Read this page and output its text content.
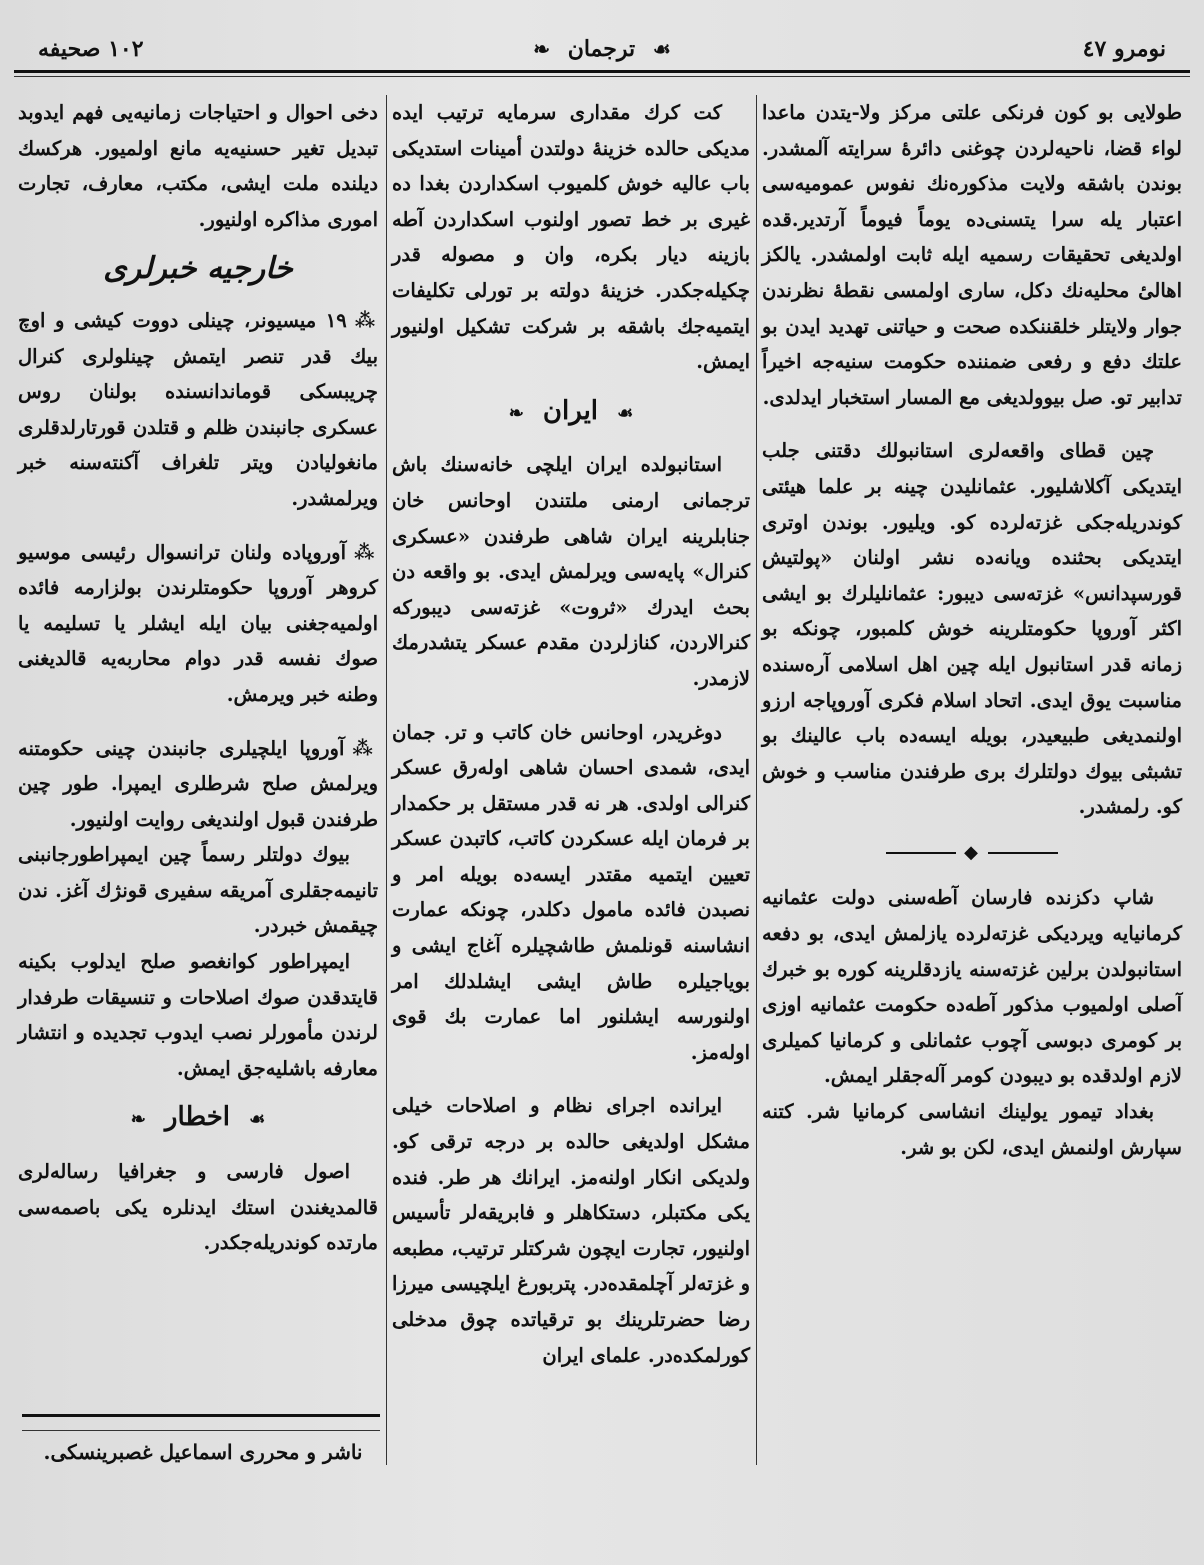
۱۰۲ صحیفه	☙ ترجمان ❧	نومرو ٤٧

طولایی بو کون فرنکی علتی مرکز ولا-یتدن ماعدا لواء قضا، ناحیه‌لردن چوغنی دائرهٔ سرایته آلمشدر. بوندن باشقه ولایت مذکوره‌نك نفوس عمومیه‌سی اعتبار یله سرا یتسنی‌ده یوماً فیوماً آرتدیر.قده اولدیغی تحقیقات رسمیه ایله ثابت اولمشدر. یالکز اهالیٔ محلیه‌نك دکل، ساری اولمسی نقطهٔ نظرندن جوار ولایتلر خلقننکده صحت و حیاتنی تهدید ایدن بو علتك دفع و رفعی ضمننده حکومت سنیه‌جه اخیراً تدابیر تو. صل بیوولدیغی مع المسار استخبار ایدلدی.

چین قطای واقعه‌لری استانبولك دقتنی جلب ایتدیکی آکلاشلیور. عثمانلیدن چینه بر علما هیئتی کوندریله‌جکی غزته‌لرده کو. ویلیور. بوندن اوتری ایتدیکی بحثنده ویانه‌ده نشر اولنان «پولتیش قورسپدانس» غزته‌سی دیبور: عثمانلیلرك بو ایشی اکثر آوروپا حکومتلرینه خوش کلمبور، چونکه بو زمانه قدر استانبول ایله چین اهل اسلامی آره‌سنده مناسبت یوق ایدی. اتحاد اسلام فکری آوروپاجه ارزو اولنمدیغی طبیعیدر، بویله ایسه‌ده باب عالینك بو تشبثی بیوك دولتلرك بری طرفندن مناسب و خوش کو. رلمشدر.

◆

شاپ دکزنده فارسان آطه‌سنی دولت عثمانیه کرمانیایه ویردیکی غزته‌لرده یازلمش ایدی، بو دفعه استانبولدن برلین غزته‌سنه یازدقلرینه کوره بو خبرك آصلی اولمیوب مذکور آطه‌ده حکومت عثمانیه اوزی بر کومری دبوسی آچوب عثمانلی و کرمانیا کمیلری لازم اولدقده بو دیبودن کومر آله‌جقلر ایمش.

بغداد تیمور یولینك انشاسی کرمانیا شر. کتنه سپارش اولنمش ایدی، لکن بو شر.

کت کرك مقداری سرمایه ترتیب ایده مدیکی حالده خزینهٔ دولتدن أمینات استدیکی باب عالیه خوش کلمیوب اسکداردن بغدا ده غیری بر خط تصور اولنوب اسکداردن آطه بازینه دیار بکره، وان و مصوله قدر چکیله‌جکدر. خزینهٔ دولته بر تورلی تکلیفات ایتمیه‌جك باشقه بر شرکت تشکیل اولنیور ایمش.

☙ ایران ❧

استانبولده ایران ایلچی خانه‌سنك باش ترجمانی ارمنی ملتندن اوحانس خان جنابلرینه ایران شاهی طرفندن «عسکری کنرال» پایه‌سی ویرلمش ایدی. بو واقعه دن بحث ایدرك «ثروت» غزته‌سی دیبورکه کنرالاردن، کنازلردن مقدم عسکر یتشدرمك لازمدر.

دوغریدر، اوحانس خان کاتب و تر. جمان ایدی، شمدی احسان شاهی اوله‌رق عسکر کنرالی اولدی. هر نه قدر مستقل بر حکمدار بر فرمان ایله عسکردن کاتب، کاتبدن عسکر تعیین ایتمیه مقتدر ایسه‌ده بویله امر و نصبدن فائده مامول دکلدر، چونکه عمارت انشاسنه قونلمش طاشچیلره آغاج ایشی و بویاجیلره طاش ایشی ایشلدلك امر اولنورسه ایشلنور اما عمارت بك قوی اوله‌مز.

ایرانده اجرای نظام و اصلاحات خیلی مشکل اولدیغی حالده بر درجه ترقی کو. ولدیکی انکار اولنه‌مز. ایرانك هر طر. فنده یکی مکتبلر، دستکاهلر و فابریقه‌لر تأسیس اولنیور، تجارت ایچون شرکتلر ترتیب، مطبعه و غزته‌لر آچلمقده‌در. پتربورغ ایلچیسی میرزا رضا حضرتلرینك بو ترقیاتده چوق مدخلی کورلمکده‌در. علمای ایران

دخی احوال و احتیاجات زمانیه‌یی فهم ایدوبد تبدیل تغیر حسنیه‌یه مانع اولمیور. هرکسك دیلنده ملت ایشی، مکتب، معارف، تجارت اموری مذاکره اولنیور.

خارجیه خبرلری

⁂۱۹ میسیونر، چینلی دووت کیشی و اوچ بیك قدر تنصر ایتمش چینلولری کنرال چریبسکی قوماندانسنده بولنان روس عسکری جانبندن ظلم و قتلدن قورتارلدقلری مانغولیادن ویتر تلغراف آکنته‌سنه خبر ویرلمشدر.

⁂آوروپاده ولنان ترانسوال رئیسی موسیو کروهر آوروپا حکومتلرندن بولزارمه فائده اولمیه‌جغنی بیان ایله ایشلر یا تسلیمه یا صوك نفسه قدر دوام محاربه‌یه قالدیغنی وطنه خبر ویرمش.

⁂آوروپا ایلچیلری جانبندن چینی حکومتنه ویرلمش صلح شرطلری ایمپرا. طور چین طرفندن قبول اولندیغی روایت اولنیور.

بیوك دولتلر رسماً چین ایمپراطورجانبنی تانیمه‌جقلری آمریقه سفیری قونژك آغز. ندن چیقمش خبردر.

ایمپراطور کوانغصو صلح ایدلوب بکینه قایتدقدن صوك اصلاحات و تنسیقات طرفدار لرندن مأمورلر نصب ایدوب تجدیده و انتشار معارفه باشلیه‌جق ایمش.

☙ اخطار ❧

اصول فارسی و جغرافیا رساله‌لری قالمدیغندن استك ایدنلره یکی باصمه‌سی مارتده کوندریله‌جکدر.

ناشر و محرری اسماعیل غصبرینسکی.
